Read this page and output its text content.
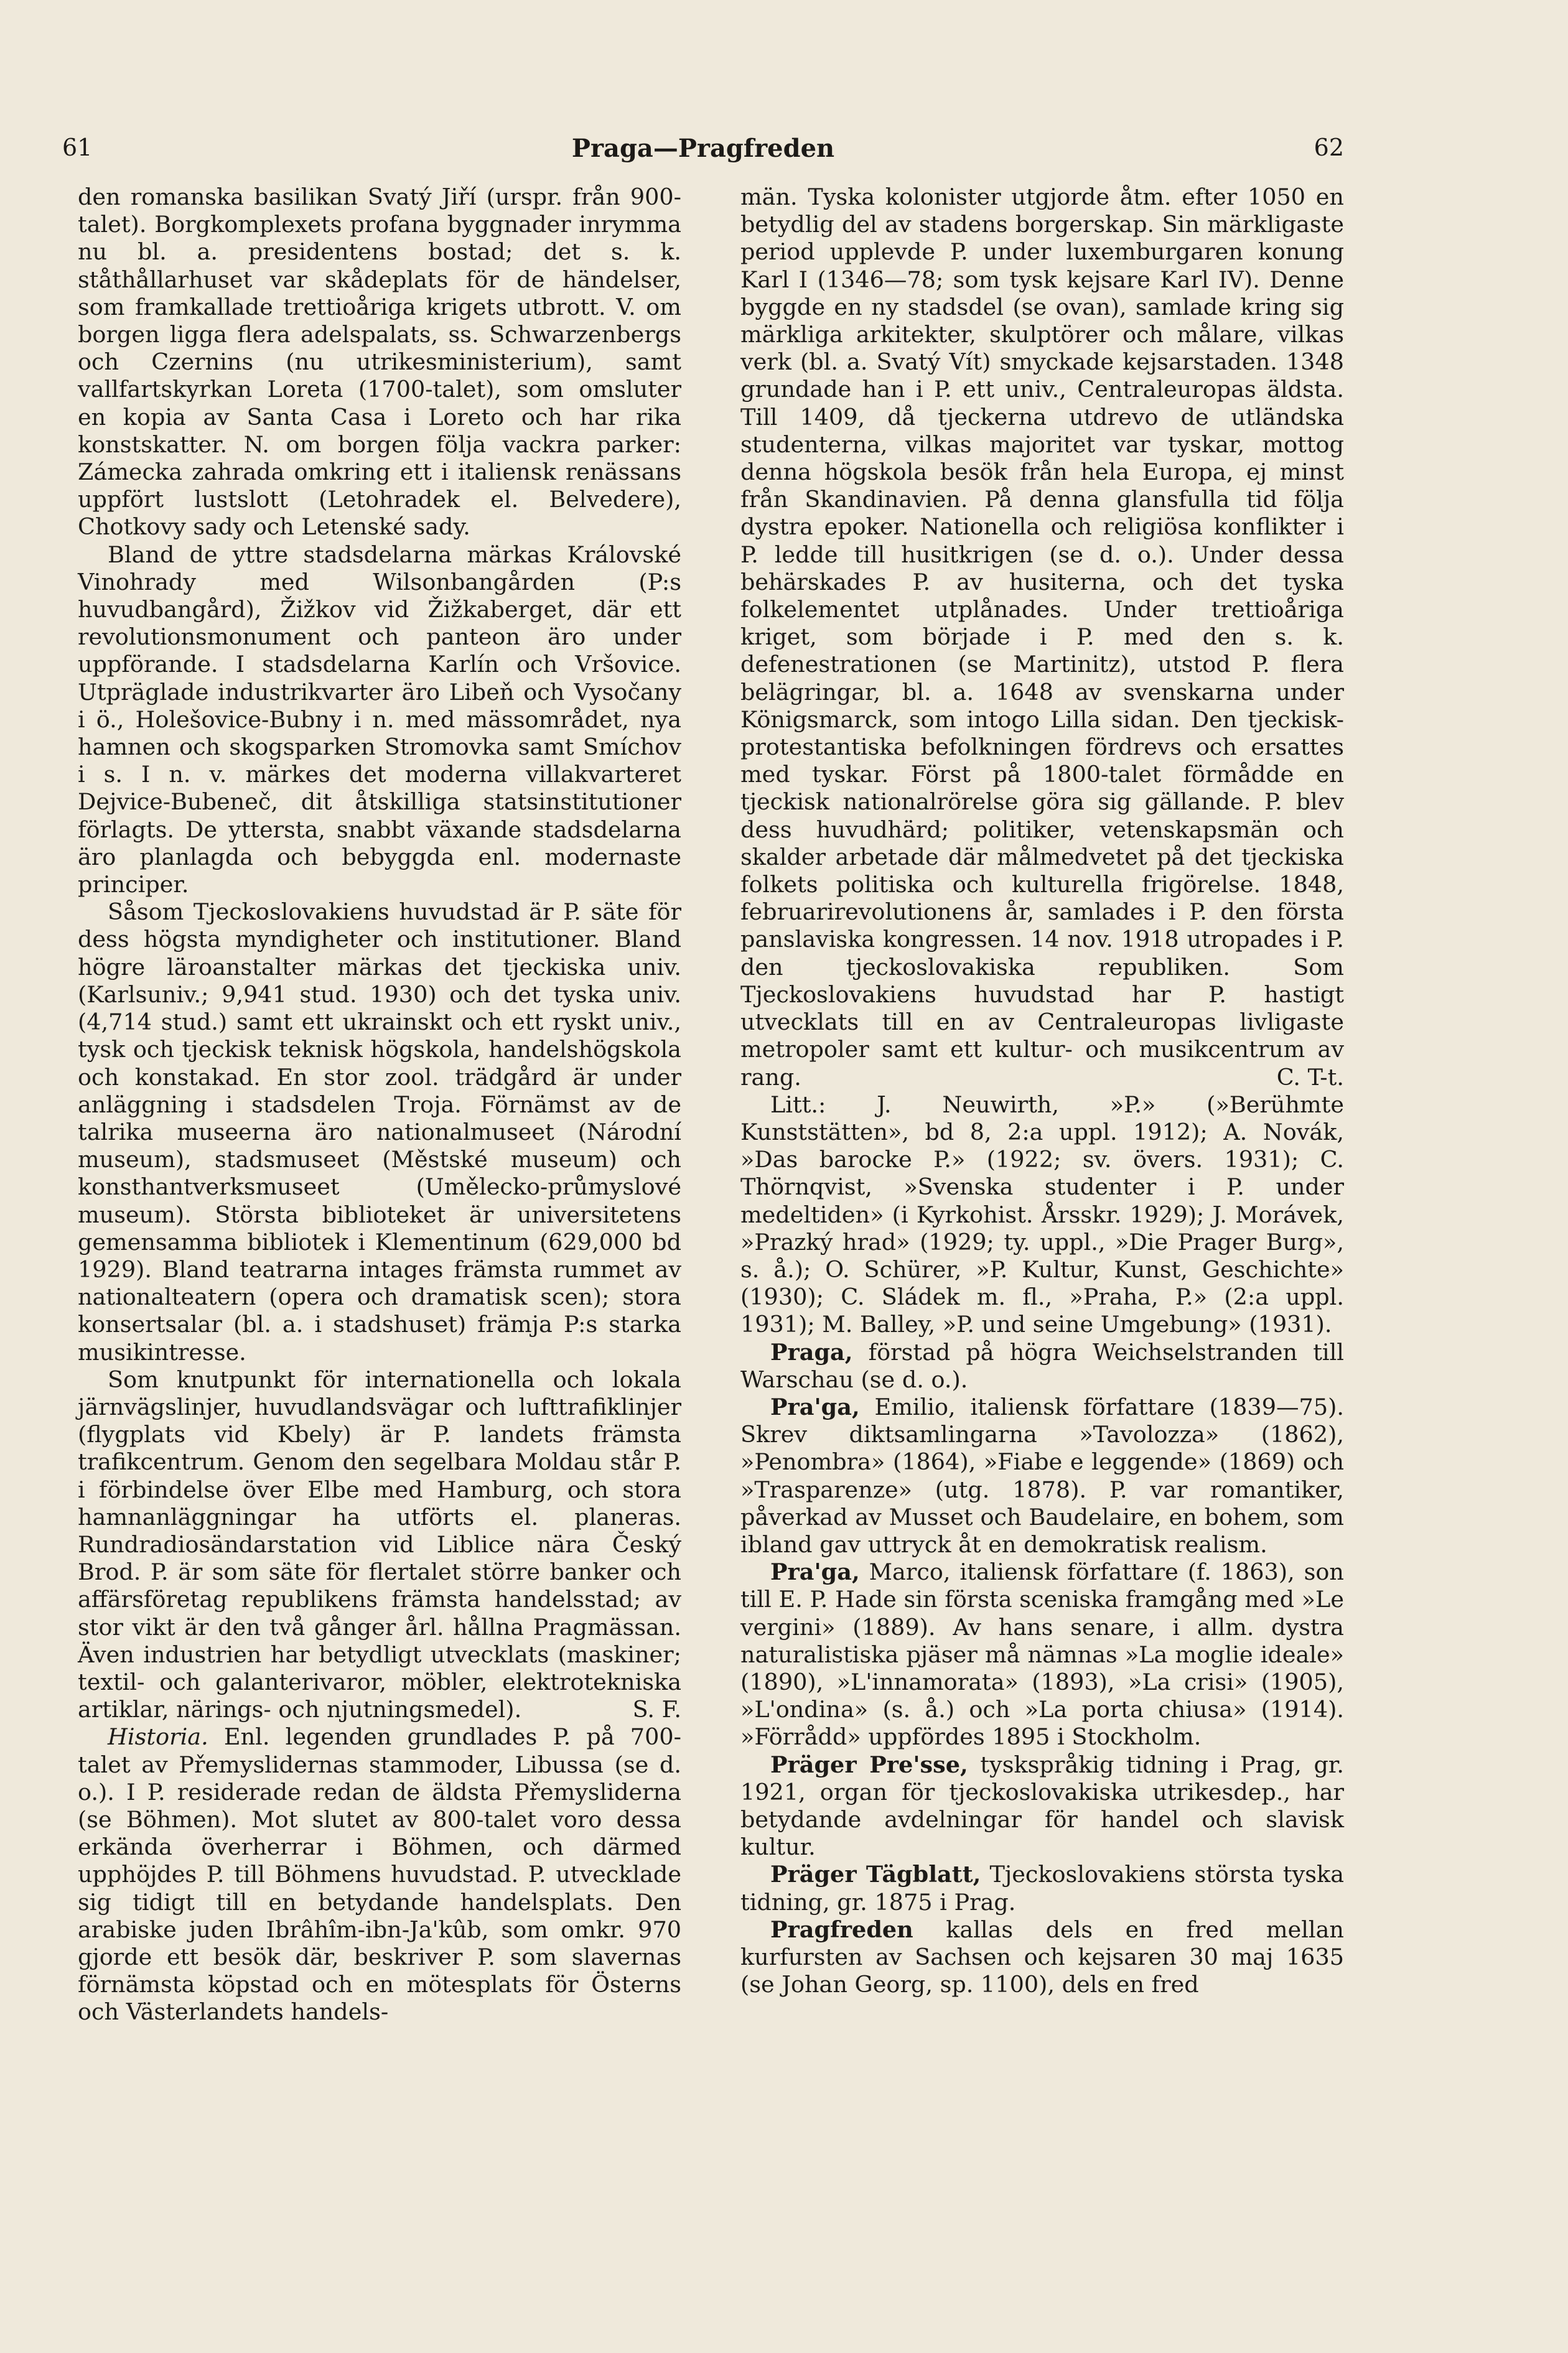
61	Praga—Pragfreden	62

den romanska basilikan Svatý Jiří (urspr. från 900-talet). Borgkomplexets profana byggnader inrymma nu bl. a. presidentens bostad; det s. k. ståthållarhuset var skådeplats för de händelser, som framkallade trettioåriga krigets utbrott. V. om borgen ligga flera adelspalats, ss. Schwarzenbergs och Czernins (nu utrikesministerium), samt vallfartskyrkan Loreta (1700-talet), som omsluter en kopia av Santa Casa i Loreto och har rika konstskatter. N. om borgen följa vackra parker: Zámecka zahrada omkring ett i italiensk renässans uppfört lustslott (Letohradek el. Belvedere), Chotkovy sady och Letenské sady.

Bland de yttre stadsdelarna märkas Královské Vinohrady med Wilsonbangården (P:s huvudbangård), Žižkov vid Žižkaberget, där ett revolutionsmonument och panteon äro under uppförande. I stadsdelarna Karlín och Vršovice. Utpräglade industrikvarter äro Libeň och Vysočany i ö., Holešovice-Bubny i n. med mässområdet, nya hamnen och skogsparken Stromovka samt Smíchov i s. I n. v. märkes det moderna villakvarteret Dejvice-Bubeneč, dit åtskilliga statsinstitutioner förlagts. De yttersta, snabbt växande stadsdelarna äro planlagda och bebyggda enl. modernaste principer.

Såsom Tjeckoslovakiens huvudstad är P. säte för dess högsta myndigheter och institutioner. Bland högre läroanstalter märkas det tjeckiska univ. (Karlsuniv.; 9,941 stud. 1930) och det tyska univ. (4,714 stud.) samt ett ukrainskt och ett ryskt univ., tysk och tjeckisk teknisk högskola, handelshögskola och konstakad. En stor zool. trädgård är under anläggning i stadsdelen Troja. Förnämst av de talrika museerna äro nationalmuseet (Národní museum), stadsmuseet (Městské museum) och konsthantverksmuseet (Umělecko-průmyslové museum). Största biblioteket är universitetens gemensamma bibliotek i Klementinum (629,000 bd 1929). Bland teatrarna intages främsta rummet av nationalteatern (opera och dramatisk scen); stora konsertsalar (bl. a. i stadshuset) främja P:s starka musikintresse.

Som knutpunkt för internationella och lokala järnvägslinjer, huvudlandsvägar och lufttrafiklinjer (flygplats vid Kbely) är P. landets främsta trafikcentrum. Genom den segelbara Moldau står P. i förbindelse över Elbe med Hamburg, och stora hamnanläggningar ha utförts el. planeras. Rundradiosändarstation vid Liblice nära Český Brod. P. är som säte för flertalet större banker och affärsföretag republikens främsta handelsstad; av stor vikt är den två gånger årl. hållna Pragmässan. Även industrien har betydligt utvecklats (maskiner; textil- och galanterivaror, möbler, elektrotekniska artiklar, närings- och njutningsmedel).	S. F.

Historia. Enl. legenden grundlades P. på 700-talet av Přemyslidernas stammoder, Libussa (se d. o.). I P. residerade redan de äldsta Přemysliderna (se Böhmen). Mot slutet av 800-talet voro dessa erkända överherrar i Böhmen, och därmed upphöjdes P. till Böhmens huvudstad. P. utvecklade sig tidigt till en betydande handelsplats. Den arabiske juden Ibrâhîm-ibn-Ja'kûb, som omkr. 970 gjorde ett besök där, beskriver P. som slavernas förnämsta köpstad och en mötesplats för Österns och Västerlandets handels-

män. Tyska kolonister utgjorde åtm. efter 1050 en betydlig del av stadens borgerskap. Sin märkligaste period upplevde P. under luxemburgaren konung Karl I (1346—78; som tysk kejsare Karl IV). Denne byggde en ny stadsdel (se ovan), samlade kring sig märkliga arkitekter, skulptörer och målare, vilkas verk (bl. a. Svatý Vít) smyckade kejsarstaden. 1348 grundade han i P. ett univ., Centraleuropas äldsta. Till 1409, då tjeckerna utdrevo de utländska studenterna, vilkas majoritet var tyskar, mottog denna högskola besök från hela Europa, ej minst från Skandinavien. På denna glansfulla tid följa dystra epoker. Nationella och religiösa konflikter i P. ledde till husitkrigen (se d. o.). Under dessa behärskades P. av husiterna, och det tyska folkelementet utplånades. Under trettioåriga kriget, som började i P. med den s. k. defenestrationen (se Martinitz), utstod P. flera belägringar, bl. a. 1648 av svenskarna under Königsmarck, som intogo Lilla sidan. Den tjeckisk-protestantiska befolkningen fördrevs och ersattes med tyskar. Först på 1800-talet förmådde en tjeckisk nationalrörelse göra sig gällande. P. blev dess huvudhärd; politiker, vetenskapsmän och skalder arbetade där målmedvetet på det tjeckiska folkets politiska och kulturella frigörelse. 1848, februarirevolutionens år, samlades i P. den första panslaviska kongressen. 14 nov. 1918 utropades i P. den tjeckoslovakiska republiken. Som Tjeckoslovakiens huvudstad har P. hastigt utvecklats till en av Centraleuropas livligaste metropoler samt ett kultur- och musikcentrum av rang.	C. T-t.

Litt.: J. Neuwirth, »P.» (»Berühmte Kunststätten», bd 8, 2:a uppl. 1912); A. Novák, »Das barocke P.» (1922; sv. övers. 1931); C. Thörnqvist, »Svenska studenter i P. under medeltiden» (i Kyrkohist. Årsskr. 1929); J. Morávek, »Prazký hrad» (1929; ty. uppl., »Die Prager Burg», s. å.); O. Schürer, »P. Kultur, Kunst, Geschichte» (1930); C. Sládek m. fl., »Praha, P.» (2:a uppl. 1931); M. Balley, »P. und seine Umgebung» (1931).

Praga, förstad på högra Weichselstranden till Warschau (se d. o.).

Pra'ga, Emilio, italiensk författare (1839—75). Skrev diktsamlingarna »Tavolozza» (1862), »Penombra» (1864), »Fiabe e leggende» (1869) och »Trasparenze» (utg. 1878). P. var romantiker, påverkad av Musset och Baudelaire, en bohem, som ibland gav uttryck åt en demokratisk realism.

Pra'ga, Marco, italiensk författare (f. 1863), son till E. P. Hade sin första sceniska framgång med »Le vergini» (1889). Av hans senare, i allm. dystra naturalistiska pjäser må nämnas »La moglie ideale» (1890), »L'innamorata» (1893), »La crisi» (1905), »L'ondina» (s. å.) och »La porta chiusa» (1914). »Förrådd» uppfördes 1895 i Stockholm.

Präger Pre'sse, tyskspråkig tidning i Prag, gr. 1921, organ för tjeckoslovakiska utrikesdep., har betydande avdelningar för handel och slavisk kultur.

Präger Tägblatt, Tjeckoslovakiens största tyska tidning, gr. 1875 i Prag.

Pragfreden kallas dels en fred mellan kurfursten av Sachsen och kejsaren 30 maj 1635 (se Johan Georg, sp. 1100), dels en fred
